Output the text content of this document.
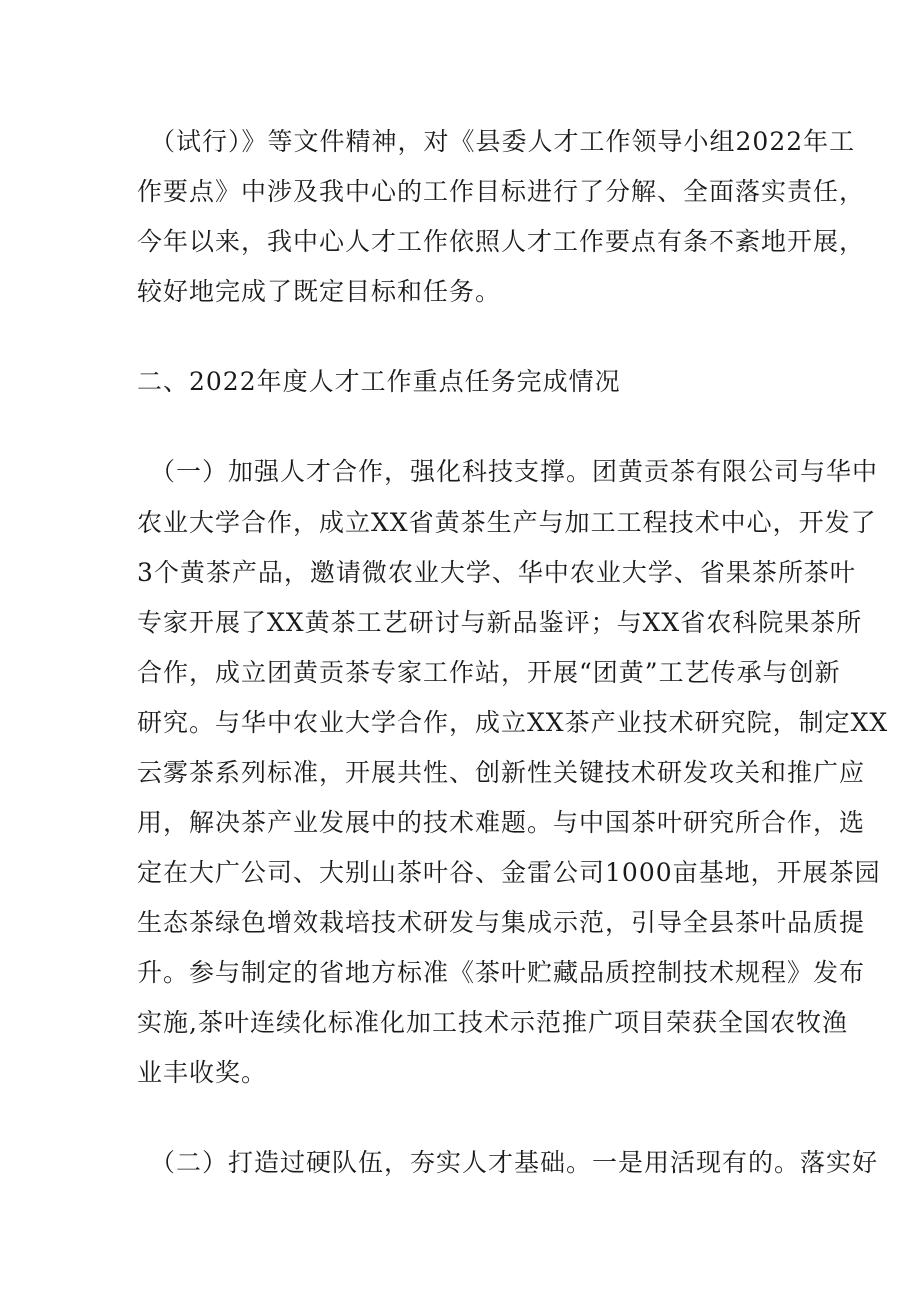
（试行）》等文件精神，对《县委人才工作领导小组2022年工
作要点》中涉及我中心的工作目标进行了分解、全面落实责任，
今年以来，我中心人才工作依照人才工作要点有条不紊地开展，
较好地完成了既定目标和任务。
二、2022年度人才工作重点任务完成情况
（一）加强人才合作，强化科技支撑。团黄贡茶有限公司与华中
农业大学合作，成立XX省黄茶生产与加工工程技术中心，开发了
3个黄茶产品，邀请微农业大学、华中农业大学、省果茶所茶叶
专家开展了XX黄茶工艺研讨与新品鉴评；与XX省农科院果茶所
合作，成立团黄贡茶专家工作站，开展“团黄”工艺传承与创新
研究。与华中农业大学合作，成立XX茶产业技术研究院，制定XX
云雾茶系列标准，开展共性、创新性关键技术研发攻关和推广应
用，解决茶产业发展中的技术难题。与中国茶叶研究所合作，选
定在大广公司、大别山茶叶谷、金雷公司1000亩基地，开展茶园
生态茶绿色增效栽培技术研发与集成示范，引导全县茶叶品质提
升。参与制定的省地方标准《茶叶贮藏品质控制技术规程》发布
实施,茶叶连续化标准化加工技术示范推广项目荣获全国农牧渔
业丰收奖。
（二）打造过硬队伍，夯实人才基础。一是用活现有的。落实好
